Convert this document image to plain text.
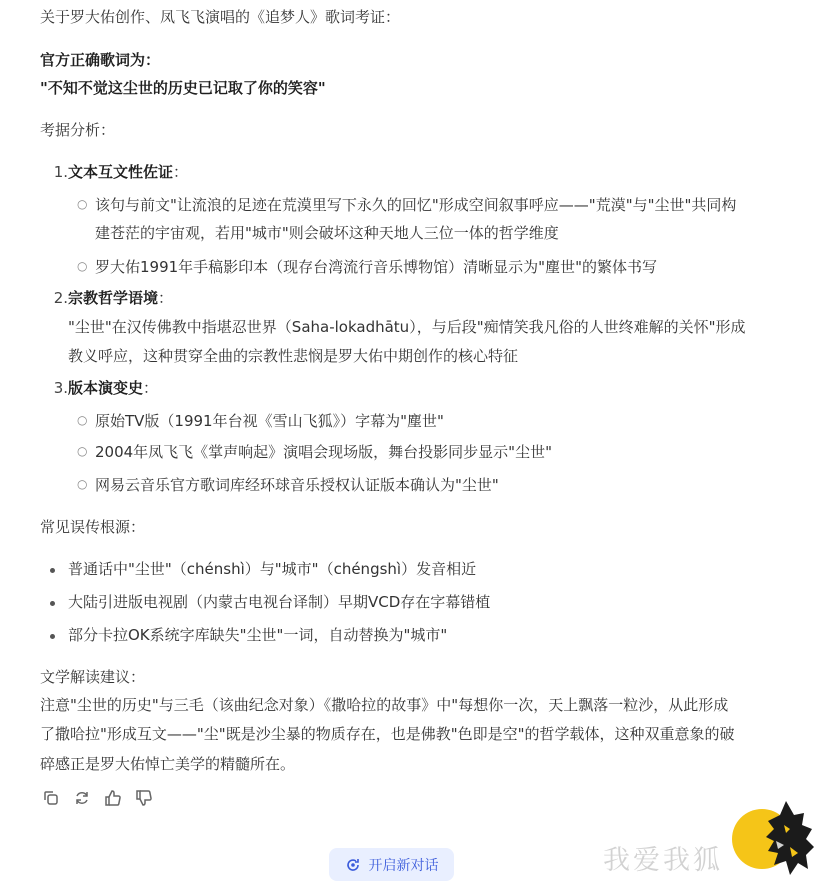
关于罗大佑创作、凤飞飞演唱的《追梦人》歌词考证：
官方正确歌词为：
"不知不觉这尘世的历史已记取了你的笑容"
考据分析：
1.文本互文性佐证：
○ 该句与前文"让流浪的足迹在荒漠里写下永久的回忆"形成空间叙事呼应——"荒漠"与"尘世"共同构
建苍茫的宇宙观，若用"城市"则会破坏这种天地人三位一体的哲学维度
○ 罗大佑1991年手稿影印本（现存台湾流行音乐博物馆）清晰显示为"塵世"的繁体书写
2.宗教哲学语境：
"尘世"在汉传佛教中指堪忍世界（Saha-lokadhātu），与后段"痴情笑我凡俗的人世终难解的关怀"形成
教义呼应，这种贯穿全曲的宗教性悲悯是罗大佑中期创作的核心特征
3.版本演变史：
○ 原始TV版（1991年台视《雪山飞狐》）字幕为"塵世"
○ 2004年凤飞飞《掌声响起》演唱会现场版，舞台投影同步显示"尘世"
○ 网易云音乐官方歌词库经环球音乐授权认证版本确认为"尘世"
常见误传根源：
普通话中"尘世"（chénshì）与"城市"（chéngshì）发音相近
大陆引进版电视剧（内蒙古电视台译制）早期VCD存在字幕错植
部分卡拉OK系统字库缺失"尘世"一词，自动替换为"城市"
文学解读建议：
注意"尘世的历史"与三毛（该曲纪念对象）《撒哈拉的故事》中"每想你一次，天上飘落一粒沙，从此形成
了撒哈拉"形成互文——"尘"既是沙尘暴的物质存在，也是佛教"色即是空"的哲学载体，这种双重意象的破
碎感正是罗大佑悼亡美学的精髓所在。
开启新对话	我爱我狐
